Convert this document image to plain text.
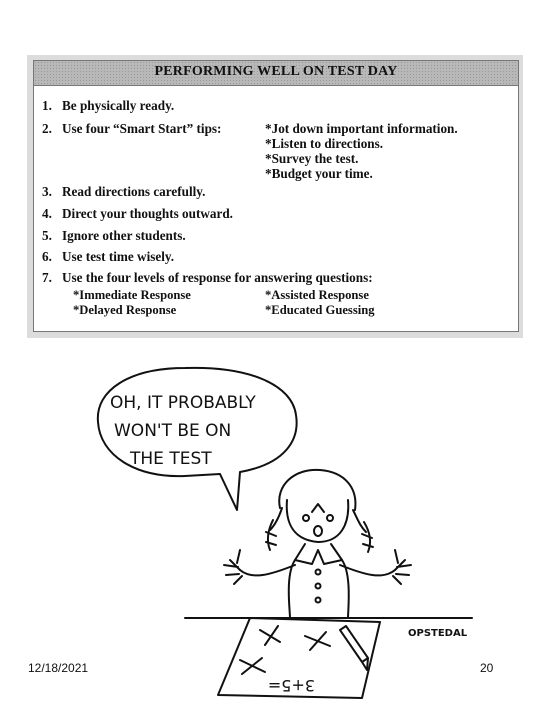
PERFORMING WELL ON TEST DAY
1. Be physically ready.
2. Use four “Smart Start” tips:
3. Read directions carefully.
4. Direct your thoughts outward.
5. Ignore other students.
6. Use test time wisely.
7. Use the four levels of response for answering questions:
*Jot down important information.
*Listen to directions.
*Survey the test.
*Budget your time.
*Immediate Response	*Assisted Response
*Delayed Response	*Educated Guessing
OH, IT PROBABLY
WON'T BE ON
THE TEST
OPSTEDAL
3+5=
12/18/2021	20
